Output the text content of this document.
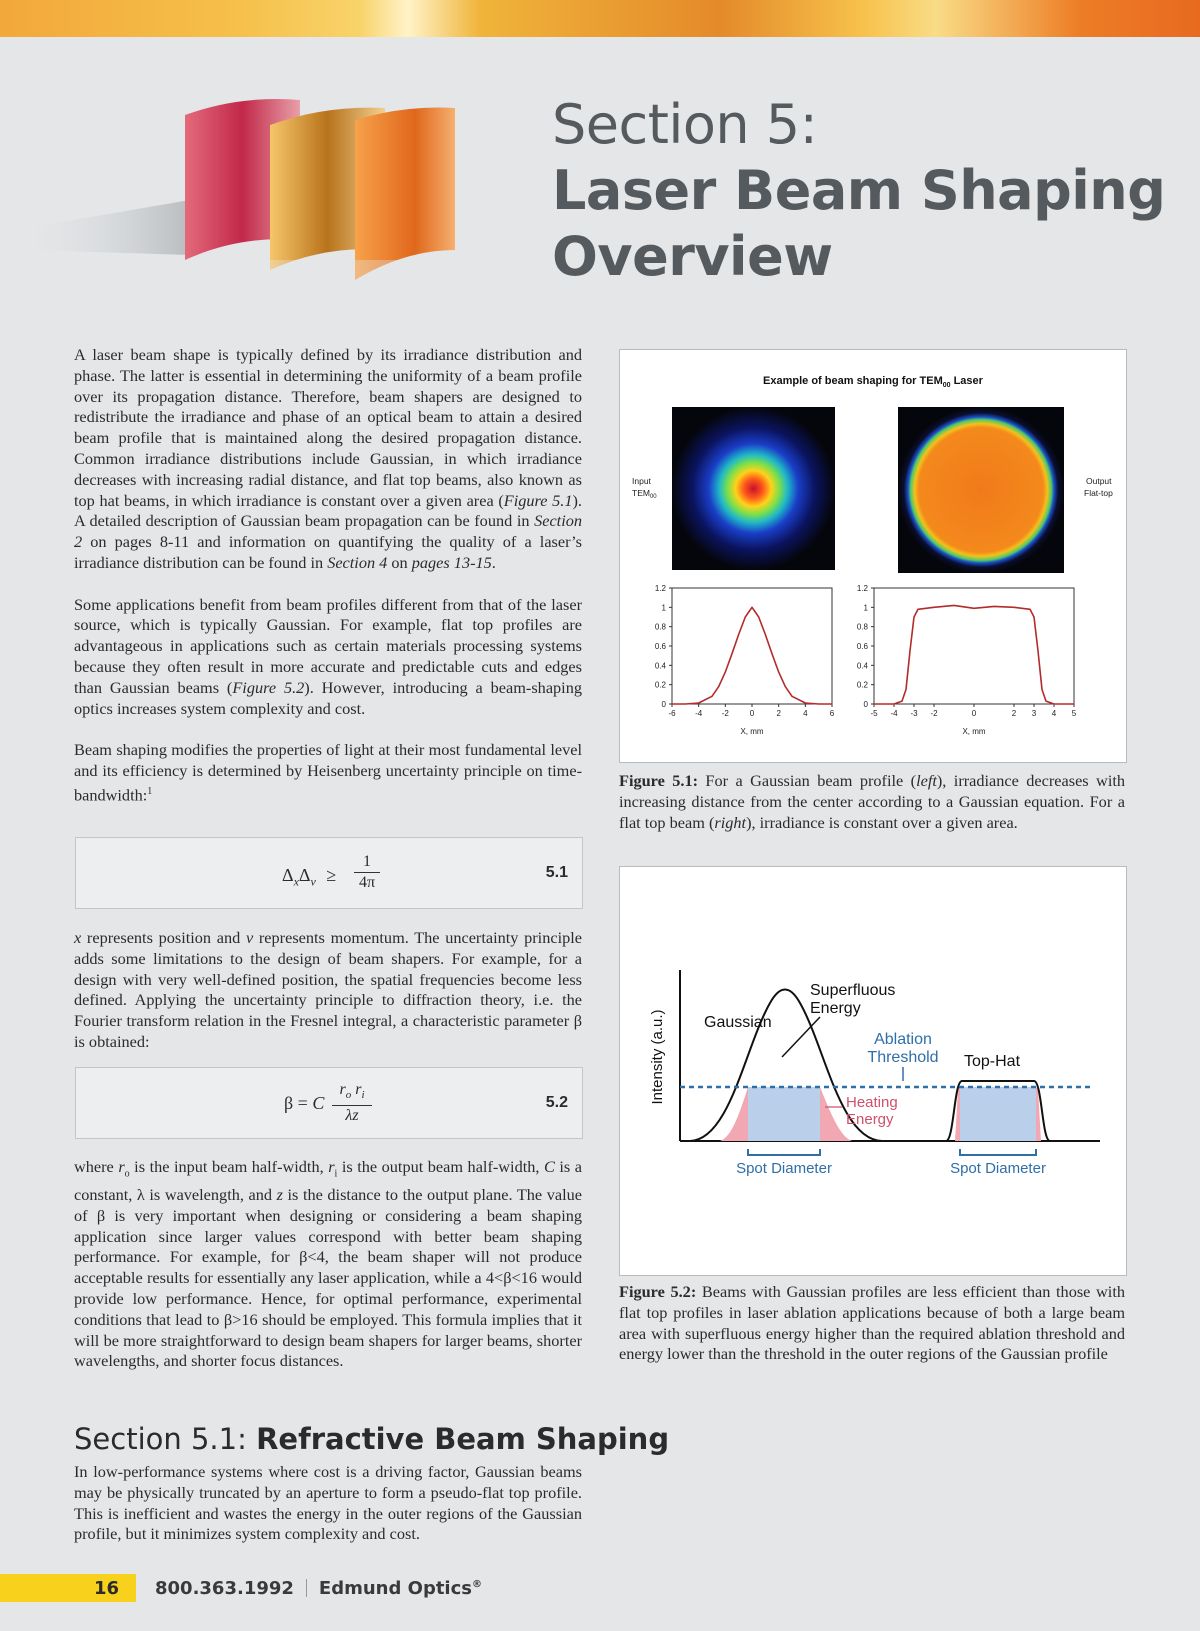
Section 5:
Laser Beam Shaping
Overview

A laser beam shape is typically defined by its irradiance distribution and phase. The latter is essential in determining the uniformity of a beam profile over its propagation distance. Therefore, beam shapers are designed to redistribute the irradiance and phase of an optical beam to attain a desired beam profile that is maintained along the desired propagation distance. Common irradiance distributions include Gaussian, in which irradiance decreases with increasing radial distance, and flat top beams, also known as top hat beams, in which irradiance is constant over a given area (Figure 5.1). A detailed description of Gaussian beam propagation can be found in Section 2 on pages 8-11 and information on quantifying the quality of a laser’s irradiance distribution can be found in Section 4 on pages 13-15.

Some applications benefit from beam profiles different from that of the laser source, which is typically Gaussian. For example, flat top profiles are advantageous in applications such as certain materials processing systems because they often result in more accurate and predictable cuts and edges than Gaussian beams (Figure 5.2). However, introducing a beam-shaping optics increases system complexity and cost.

Beam shaping modifies the properties of light at their most fundamental level and its efficiency is determined by Heisenberg uncertainty principle on time-bandwidth:$^1$

$\Delta_x\Delta_\nu$ ≥
1
4π
5.1

x represents position and ν represents momentum. The uncertainty principle adds some limitations to the design of beam shapers. For example, for a design with very well-defined position, the spatial frequencies become less defined. Applying the uncertainty principle to diffraction theory, i.e. the Fourier transform relation in the Fresnel integral, a characteristic parameter β is obtained:

β = C
$r_o$ $r_i$
λz
5.2

where $r_o$ is the input beam half-width, $r_i$ is the output beam half-width, C is a constant, λ is wavelength, and z is the distance to the output plane. The value of β is very important when designing or considering a beam shaping application since larger values correspond with better beam shaping performance. For example, for β<4, the beam shaper will not produce acceptable results for essentially any laser application, while a 4<β<16 would provide low performance. Hence, for optimal performance, experimental conditions that lead to β>16 should be employed. This formula implies that it will be more straightforward to design beam shapers for larger beams, shorter wavelengths, and shorter focus distances.

Section 5.1: Refractive Beam Shaping

In low-performance systems where cost is a driving factor, Gaussian beams may be physically truncated by an aperture to form a pseudo-flat top profile. This is inefficient and wastes the energy in the outer regions of the Gaussian profile, but it minimizes system complexity and cost.

Example of beam shaping for $TEM_{00}$ Laser
Input
$TEM_{00}$
Output
Flat-top
0
0.2
0.4
0.6
0.8
1
1.2
-6 -4 -2	0	2	4	6
X, mm
0
0.2
0.4
0.6
0.8
1
1.2
-5 -4 -3 -2	0	2 3 4 5
X, mm
Figure 5.1: For a Gaussian beam profile (left), irradiance decreases with increasing distance from the center according to a Gaussian equation. For a flat top beam (right), irradiance is constant over a given area.
Intensity (a.u.) Gaussian
Superfluous
Energy
Ablation
Threshold Top-Hat
Heating
Energy
Spot Diameter	Spot Diameter
Figure 5.2: Beams with Gaussian profiles are less efficient than those with flat top profiles in laser ablation applications because of both a large beam area with superfluous energy higher than the required ablation threshold and energy lower than the threshold in the outer regions of the Gaussian profile
16 800.363.1992 Edmund Optics®
